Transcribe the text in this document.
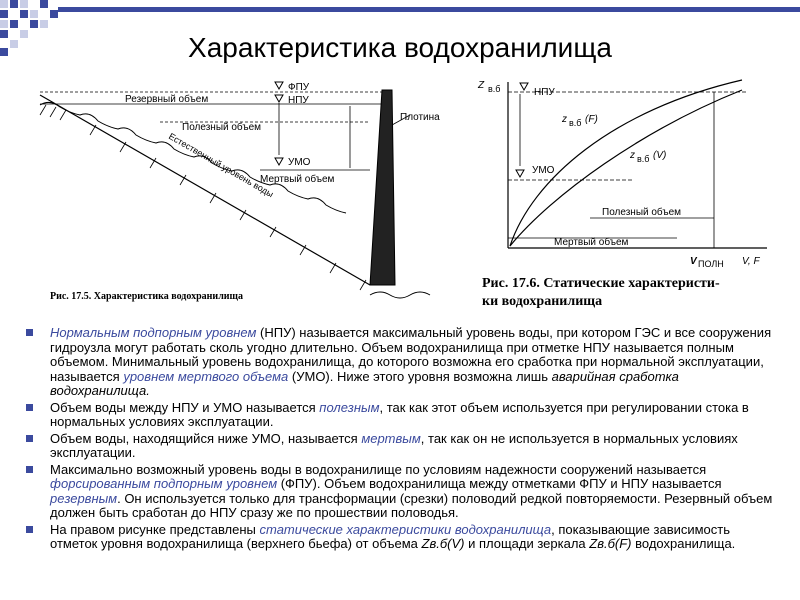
Характеристика водохранилища
ФПУ
НПУ
УМО
Резервный объем
Полезный объем
Мертвый объем
Плотина
Естественный уровень воды
Рис. 17.5. Характеристика водохранилища
Z в.б	НПУ
УМО
z в.б (F)
z в.б (V)
Полезный объем
Мертвый объем
V ПОЛН V, F
Рис. 17.6. Статические характеристи-
ки водохранилища
Нормальным подпорным уровнем (НПУ) называется максимальный уровень воды, при котором ГЭС и все сооружения гидроузла могут работать сколь угодно длительно. Объем водохранилища при отметке НПУ называется полным объемом. Минимальный уровень водохранилища, до которого возможна его сработка при нормальной эксплуатации, называется уровнем мертвого объема (УМО). Ниже этого уровня возможна лишь аварийная сработка водохранилища.
Объем воды между НПУ и УМО называется полезным, так как этот объем используется при регулировании стока в нормальных условиях эксплуатации.
Объем воды, находящийся ниже УМО, называется мертвым, так как он не используется в нормальных условиях эксплуатации.
Максимально возможный уровень воды в водохранилище по условиям надежности сооружений называется форсированным подпорным уровнем (ФПУ). Объем водохранилища между отметками ФПУ и НПУ называется резервным. Он используется только для трансформации (срезки) половодий редкой повторяемости. Резервный объем должен быть сработан до НПУ сразу же по прошествии половодья.
На правом рисунке представлены статические характеристики водохранилища, показывающие зависимость отметок уровня водохранилища (верхнего бьефа) от объема Zв.б(V) и площади зеркала Zв.б(F) водохранилища.
